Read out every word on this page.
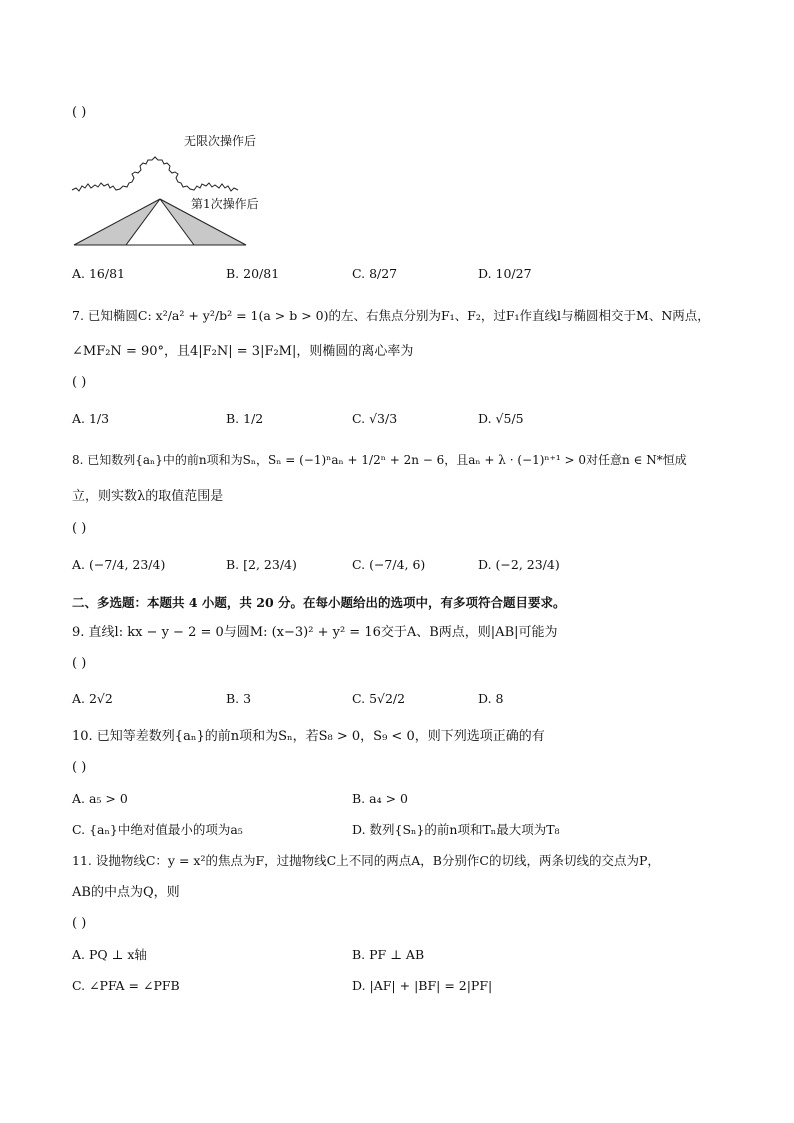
( )
无限次操作后
第1次操作后
A. 16/81	B. 20/81	C. 8/27	D. 10/27
7. 已知椭圆C: x²/a² + y²/b² = 1(a > b > 0)的左、右焦点分别为F₁、F₂，过F₁作直线l与椭圆相交于M、N两点，
∠MF₂N = 90°，且4|F₂N| = 3|F₂M|，则椭圆的离心率为
( )
A. 1/3	B. 1/2	C. √3/3	D. √5/5
8. 已知数列{aₙ}中的前n项和为Sₙ，Sₙ = (−1)ⁿaₙ + 1/2ⁿ + 2n − 6，且aₙ + λ · (−1)ⁿ⁺¹ > 0对任意n ∈ N*恒成
立，则实数λ的取值范围是
( )
A. (−7/4, 23/4)	B. [2, 23/4)	C. (−7/4, 6)	D. (−2, 23/4)
二、多选题：本题共 4 小题，共 20 分。在每小题给出的选项中，有多项符合题目要求。
9. 直线l: kx − y − 2 = 0与圆M: (x−3)² + y² = 16交于A、B两点，则|AB|可能为
( )
A. 2√2	B. 3	C. 5√2/2	D. 8
10. 已知等差数列{aₙ}的前n项和为Sₙ，若S₈ > 0，S₉ < 0，则下列选项正确的有
( )
A. a₅ > 0	B. a₄ > 0
C. {aₙ}中绝对值最小的项为a₅	D. 数列{Sₙ}的前n项和Tₙ最大项为T₈
11. 设抛物线C：y = x²的焦点为F，过抛物线C上不同的两点A，B分别作C的切线，两条切线的交点为P，
AB的中点为Q，则
( )
A. PQ ⊥ x轴	B. PF ⊥ AB
C. ∠PFA = ∠PFB	D. |AF| + |BF| = 2|PF|
